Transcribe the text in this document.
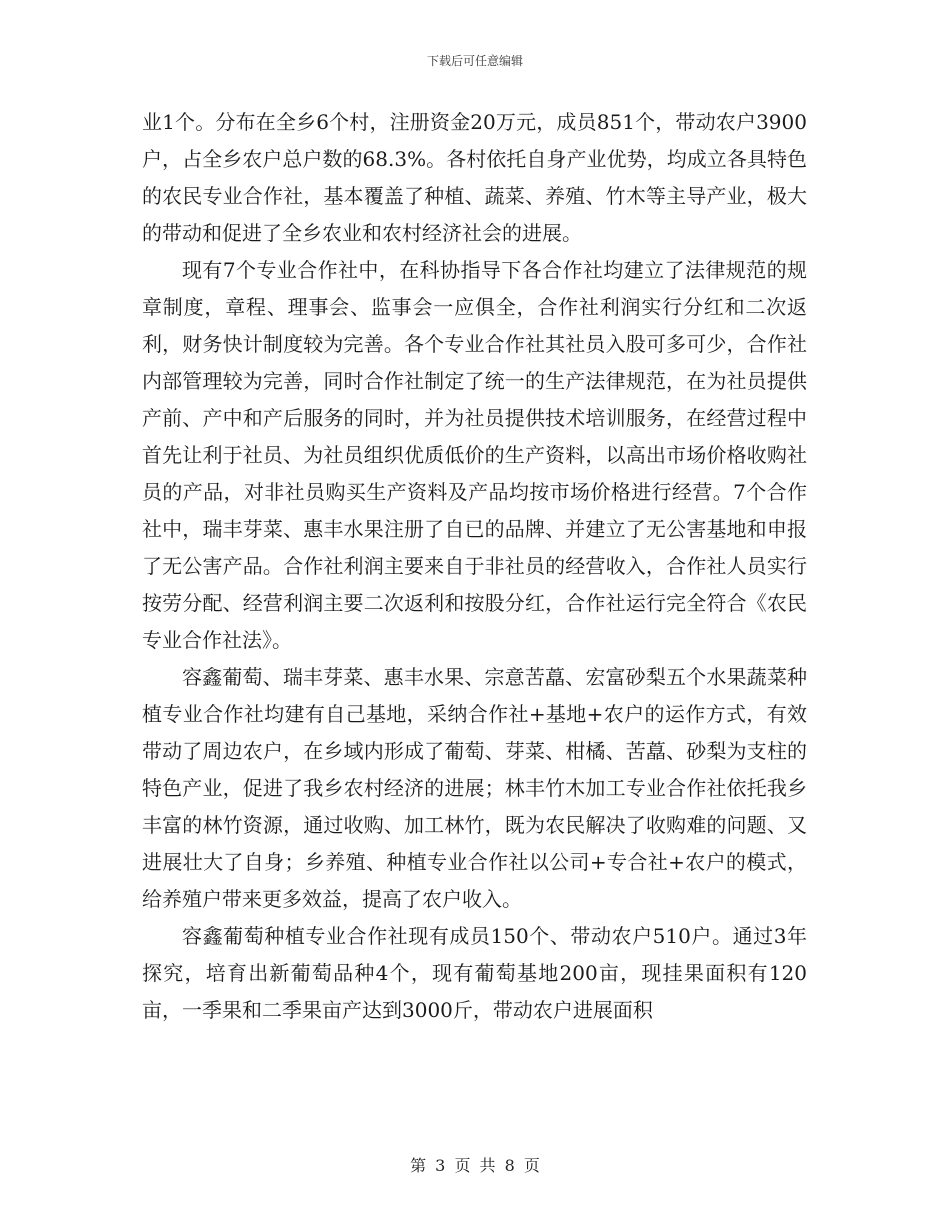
下载后可任意编辑

业1个。分布在全乡6个村，注册资金20万元，成员851个，带动农户3900户，占全乡农户总户数的68.3%。各村依托自身产业优势，均成立各具特色的农民专业合作社，基本覆盖了种植、蔬菜、养殖、竹木等主导产业，极大的带动和促进了全乡农业和农村经济社会的进展。

现有7个专业合作社中，在科协指导下各合作社均建立了法律规范的规章制度，章程、理事会、监事会一应俱全，合作社利润实行分红和二次返利，财务快计制度较为完善。各个专业合作社其社员入股可多可少，合作社内部管理较为完善，同时合作社制定了统一的生产法律规范，在为社员提供产前、产中和产后服务的同时，并为社员提供技术培训服务，在经营过程中首先让利于社员、为社员组织优质低价的生产资料，以高出市场价格收购社员的产品，对非社员购买生产资料及产品均按市场价格进行经营。7个合作社中，瑞丰芽菜、惠丰水果注册了自已的品牌、并建立了无公害基地和申报了无公害产品。合作社利润主要来自于非社员的经营收入，合作社人员实行按劳分配、经营利润主要二次返利和按股分红，合作社运行完全符合《农民专业合作社法》。

容鑫葡萄、瑞丰芽菜、惠丰水果、宗意苦藠、宏富砂梨五个水果蔬菜种植专业合作社均建有自己基地，采纳合作社+基地+农户的运作方式，有效带动了周边农户，在乡域内形成了葡萄、芽菜、柑橘、苦藠、砂梨为支柱的特色产业，促进了我乡农村经济的进展；林丰竹木加工专业合作社依托我乡丰富的林竹资源，通过收购、加工林竹，既为农民解决了收购难的问题、又进展壮大了自身；乡养殖、种植专业合作社以公司+专合社+农户的模式，给养殖户带来更多效益，提高了农户收入。

容鑫葡萄种植专业合作社现有成员150个、带动农户510户。通过3年探究，培育出新葡萄品种4个，现有葡萄基地200亩，现挂果面积有120亩，一季果和二季果亩产达到3000斤，带动农户进展面积

第 3 页 共 8 页
